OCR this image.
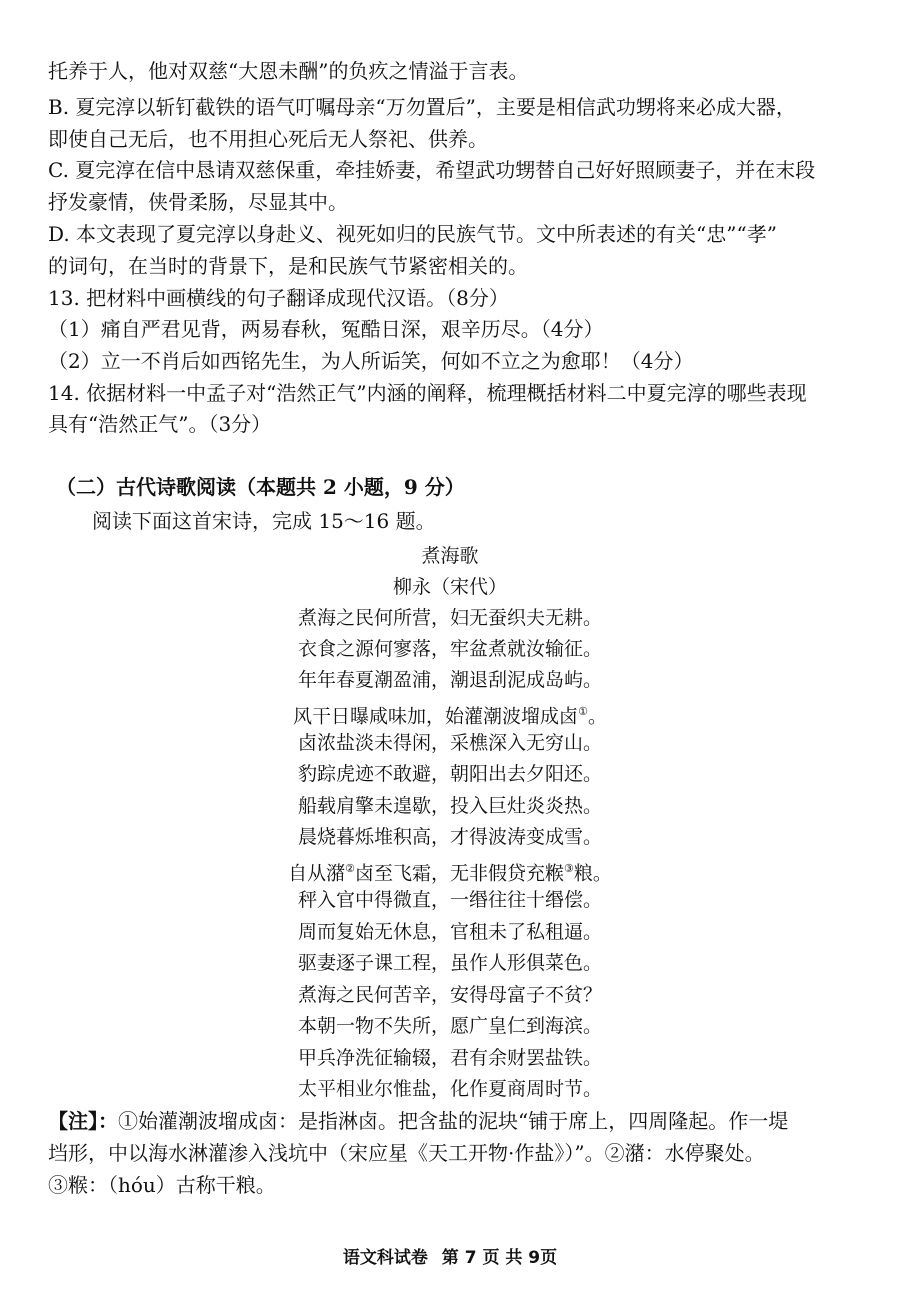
托养于人，他对双慈“大恩未酬”的负疚之情溢于言表。
B. 夏完淳以斩钉截铁的语气叮嘱母亲“万勿置后”，主要是相信武功甥将来必成大器，
即使自己无后，也不用担心死后无人祭祀、供养。
C. 夏完淳在信中恳请双慈保重，牵挂娇妻，希望武功甥替自己好好照顾妻子，并在末段
抒发豪情，侠骨柔肠，尽显其中。
D. 本文表现了夏完淳以身赴义、视死如归的民族气节。文中所表述的有关“忠”“孝”
的词句，在当时的背景下，是和民族气节紧密相关的。
13. 把材料中画横线的句子翻译成现代汉语。（8分）
（1）痛自严君见背，两易春秋，冤酷日深，艰辛历尽。（4分）
（2）立一不肖后如西铭先生，为人所诟笑，何如不立之为愈耶！（4分）
14. 依据材料一中孟子对“浩然正气”内涵的阐释，梳理概括材料二中夏完淳的哪些表现
具有“浩然正气”。（3分）
（二）古代诗歌阅读（本题共 2 小题，9 分）
阅读下面这首宋诗，完成 15～16 题。
煮海歌
柳永（宋代）
煮海之民何所营，妇无蚕织夫无耕。
衣食之源何寥落，牢盆煮就汝输征。
年年春夏潮盈浦，潮退刮泥成岛屿。
风干日曝咸味加，始灌潮波塯成卤①。
卤浓盐淡未得闲，采樵深入无穷山。
豹踪虎迹不敢避，朝阳出去夕阳还。
船载肩擎未遑歇，投入巨灶炎炎热。
晨烧暮烁堆积高，才得波涛变成雪。
自从潴②卤至飞霜，无非假贷充糇③粮。
秤入官中得微直，一缗往往十缗偿。
周而复始无休息，官租未了私租逼。
驱妻逐子课工程，虽作人形俱菜色。
煮海之民何苦辛，安得母富子不贫？
本朝一物不失所，愿广皇仁到海滨。
甲兵净洗征输辍，君有余财罢盐铁。
太平相业尔惟盐，化作夏商周时节。
【注】：①始灌潮波塯成卤：是指淋卤。把含盐的泥块“铺于席上，四周隆起。作一堤
垱形，中以海水淋灌渗入浅坑中（宋应星《天工开物·作盐》）”。②潴：水停聚处。
③糇：（hóu）古称干粮。
语文科试卷 第 7 页 共 9页
